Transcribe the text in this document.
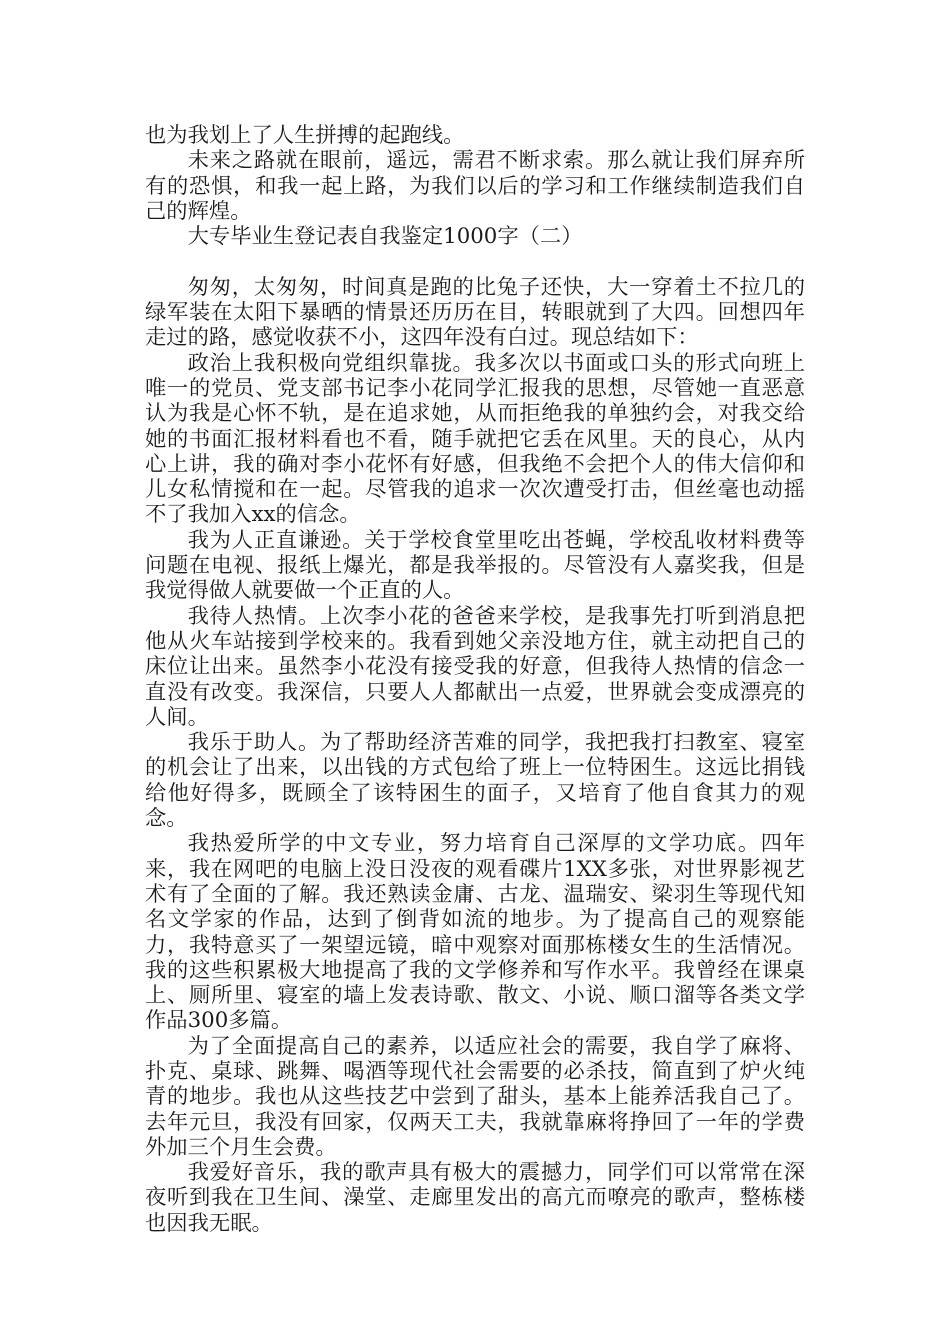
也为我划上了人生拼搏的起跑线。

未来之路就在眼前，遥远，需君不断求索。那么就让我们屏弃所有的恐惧，和我一起上路，为我们以后的学习和工作继续制造我们自己的辉煌。

大专毕业生登记表自我鉴定1000字（二）

匆匆，太匆匆，时间真是跑的比兔子还快，大一穿着土不拉几的绿军装在太阳下暴晒的情景还历历在目，转眼就到了大四。回想四年走过的路，感觉收获不小，这四年没有白过。现总结如下：

政治上我积极向党组织靠拢。我多次以书面或口头的形式向班上唯一的党员、党支部书记李小花同学汇报我的思想，尽管她一直恶意认为我是心怀不轨，是在追求她，从而拒绝我的单独约会，对我交给她的书面汇报材料看也不看，随手就把它丢在风里。天的良心，从内心上讲，我的确对李小花怀有好感，但我绝不会把个人的伟大信仰和儿女私情搅和在一起。尽管我的追求一次次遭受打击，但丝毫也动摇不了我加入xx的信念。

我为人正直谦逊。关于学校食堂里吃出苍蝇，学校乱收材料费等问题在电视、报纸上爆光，都是我举报的。尽管没有人嘉奖我，但是我觉得做人就要做一个正直的人。

我待人热情。上次李小花的爸爸来学校，是我事先打听到消息把他从火车站接到学校来的。我看到她父亲没地方住，就主动把自己的床位让出来。虽然李小花没有接受我的好意，但我待人热情的信念一直没有改变。我深信，只要人人都献出一点爱，世界就会变成漂亮的人间。

我乐于助人。为了帮助经济苦难的同学，我把我打扫教室、寝室的机会让了出来，以出钱的方式包给了班上一位特困生。这远比捐钱给他好得多，既顾全了该特困生的面子，又培育了他自食其力的观念。

我热爱所学的中文专业，努力培育自己深厚的文学功底。四年来，我在网吧的电脑上没日没夜的观看碟片1XX多张，对世界影视艺术有了全面的了解。我还熟读金庸、古龙、温瑞安、梁羽生等现代知名文学家的作品，达到了倒背如流的地步。为了提高自己的观察能力，我特意买了一架望远镜，暗中观察对面那栋楼女生的生活情况。我的这些积累极大地提高了我的文学修养和写作水平。我曾经在课桌上、厕所里、寝室的墙上发表诗歌、散文、小说、顺口溜等各类文学作品300多篇。

为了全面提高自己的素养，以适应社会的需要，我自学了麻将、扑克、桌球、跳舞、喝酒等现代社会需要的必杀技，简直到了炉火纯青的地步。我也从这些技艺中尝到了甜头，基本上能养活我自己了。去年元旦，我没有回家，仅两天工夫，我就靠麻将挣回了一年的学费外加三个月生会费。

我爱好音乐，我的歌声具有极大的震撼力，同学们可以常常在深夜听到我在卫生间、澡堂、走廊里发出的高亢而嘹亮的歌声，整栋楼也因我无眠。
